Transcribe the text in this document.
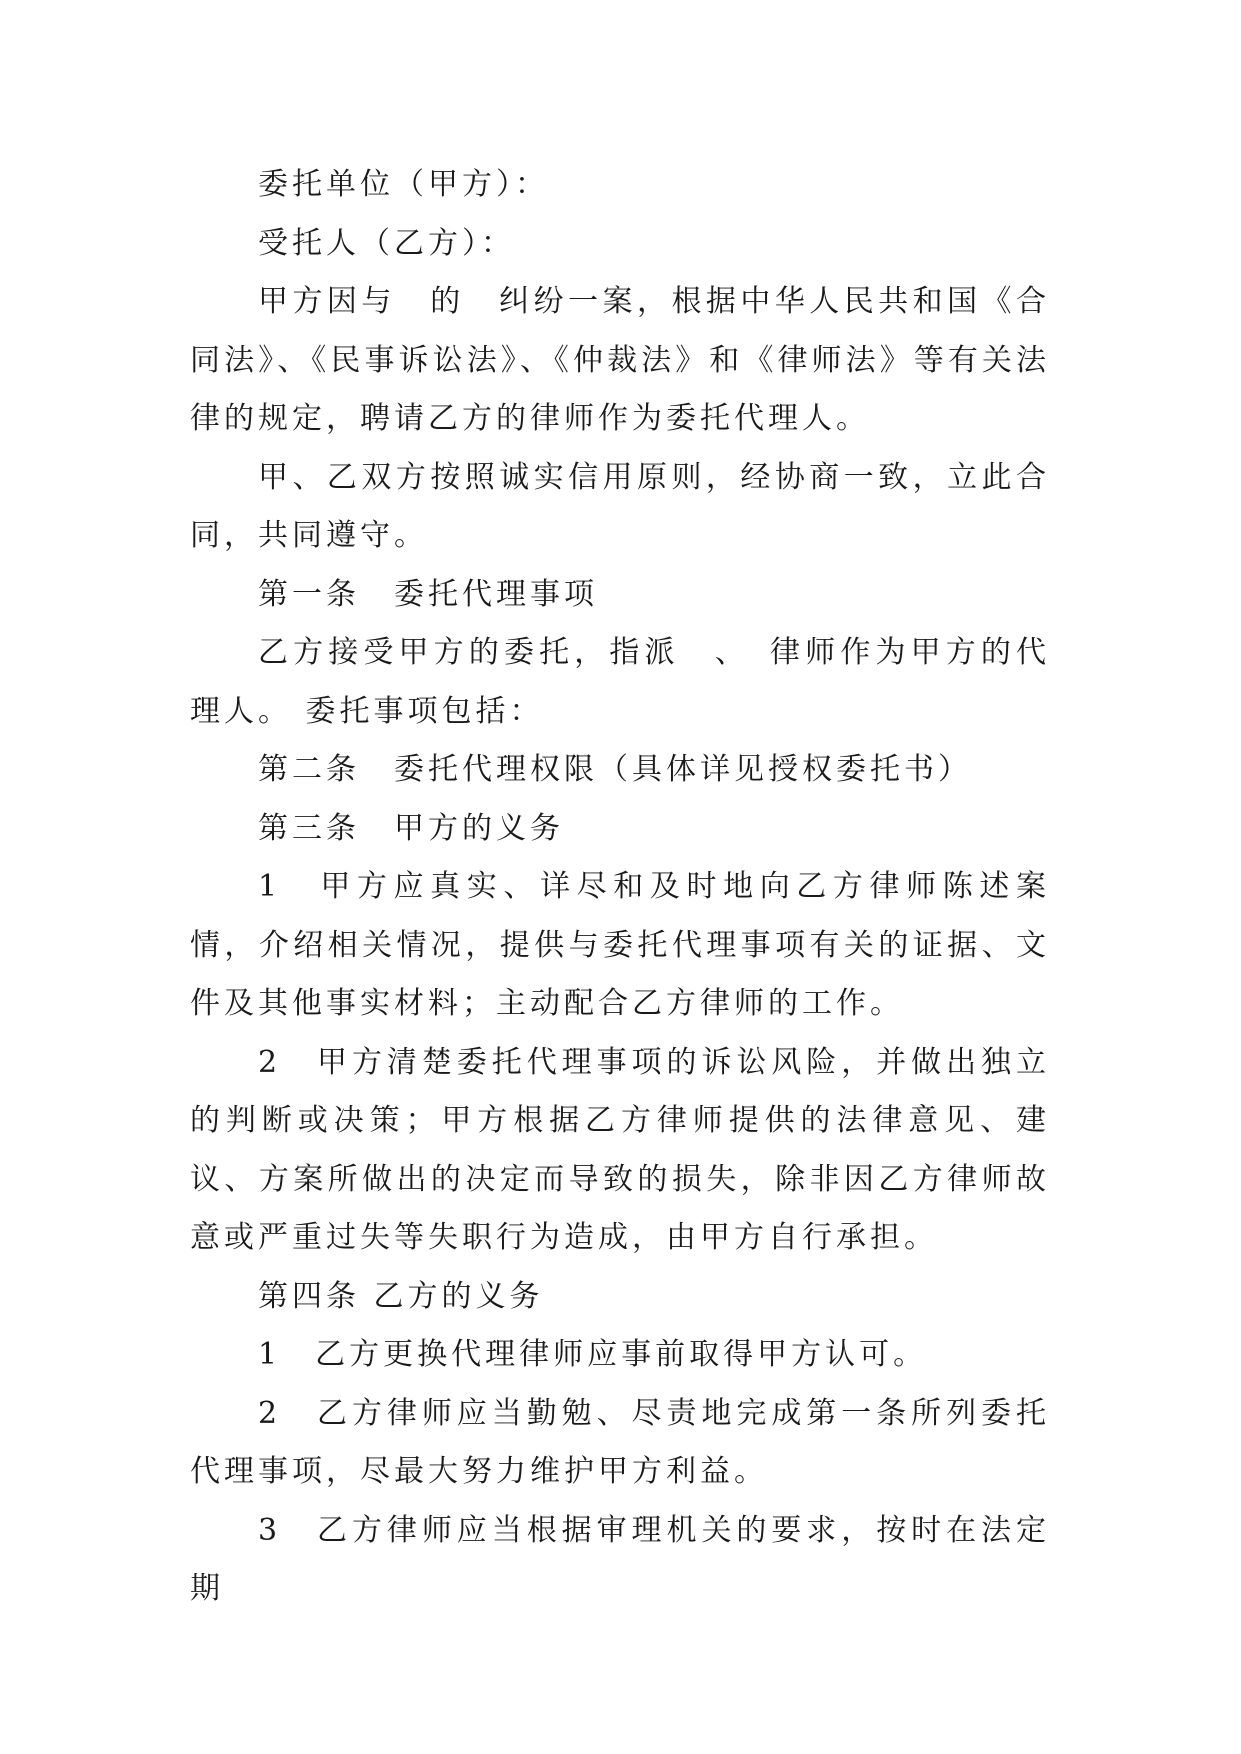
委托单位（甲方）：

受托人（乙方）：

甲方因与　的　纠纷一案，根据中华人民共和国《合同法》、《民事诉讼法》、《仲裁法》和《律师法》等有关法律的规定，聘请乙方的律师作为委托代理人。

甲、乙双方按照诚实信用原则，经协商一致，立此合同，共同遵守。

第一条　委托代理事项

乙方接受甲方的委托，指派　、　律师作为甲方的代理人。 委托事项包括：

第二条　委托代理权限（具体详见授权委托书）

第三条　甲方的义务

1　甲方应真实、详尽和及时地向乙方律师陈述案情，介绍相关情况，提供与委托代理事项有关的证据、文件及其他事实材料；主动配合乙方律师的工作。

2　甲方清楚委托代理事项的诉讼风险，并做出独立的判断或决策；甲方根据乙方律师提供的法律意见、建议、方案所做出的决定而导致的损失，除非因乙方律师故意或严重过失等失职行为造成，由甲方自行承担。

第四条 乙方的义务

1　乙方更换代理律师应事前取得甲方认可。

2　乙方律师应当勤勉、尽责地完成第一条所列委托代理事项，尽最大努力维护甲方利益。

3　乙方律师应当根据审理机关的要求，按时在法定期
